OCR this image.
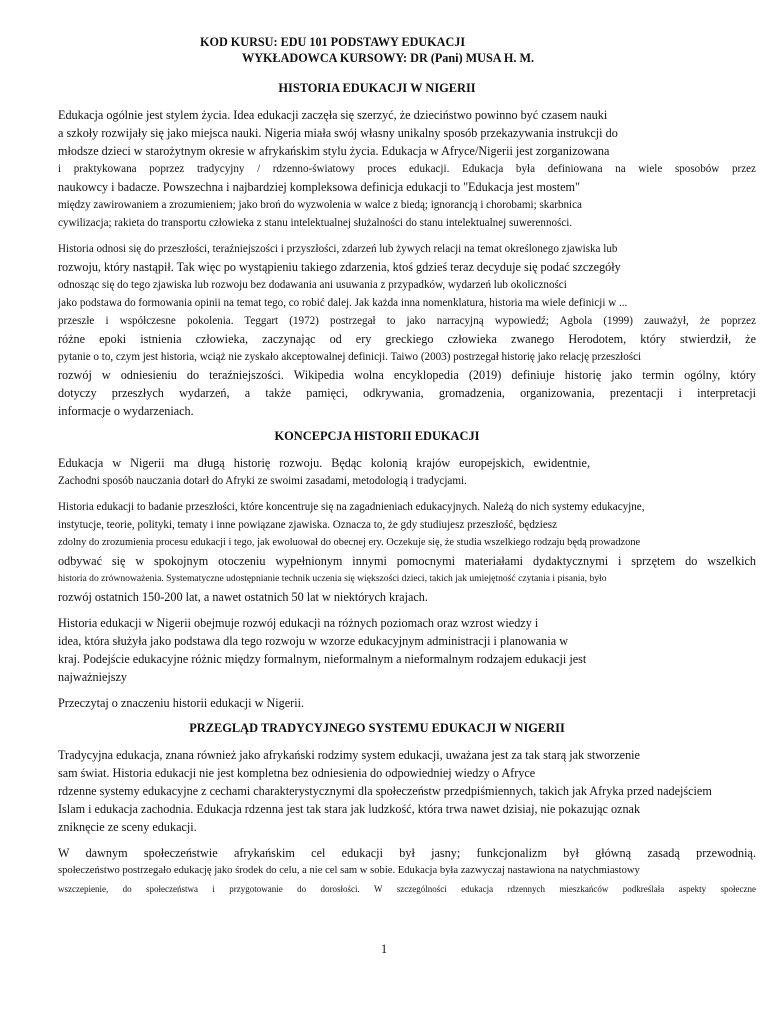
KOD KURSU: EDU 101 PODSTAWY EDUKACJI
WYKŁADOWCA KURSOWY: DR (Pani) MUSA H. M.
HISTORIA EDUKACJI W NIGERII

Edukacja ogólnie jest stylem życia. Idea edukacji zaczęła się szerzyć, że dzieciństwo powinno być czasem nauki
a szkoły rozwijały się jako miejsca nauki. Nigeria miała swój własny unikalny sposób przekazywania instrukcji do
młodsze dzieci w starożytnym okresie w afrykańskim stylu życia. Edukacja w Afryce/Nigerii jest zorganizowana
i praktykowana poprzez tradycyjny / rdzenno-światowy proces edukacji. Edukacja była definiowana na wiele sposobów przez
naukowcy i badacze. Powszechna i najbardziej kompleksowa definicja edukacji to "Edukacja jest mostem"
między zawirowaniem a zrozumieniem; jako broń do wyzwolenia w walce z biedą; ignorancją i chorobami; skarbnica
cywilizacja; rakieta do transportu człowieka z stanu intelektualnej służalności do stanu intelektualnej suwerenności.

Historia odnosi się do przeszłości, teraźniejszości i przyszłości, zdarzeń lub żywych relacji na temat określonego zjawiska lub
rozwoju, który nastąpił. Tak więc po wystąpieniu takiego zdarzenia, ktoś gdzieś teraz decyduje się podać szczegóły
odnosząc się do tego zjawiska lub rozwoju bez dodawania ani usuwania z przypadków, wydarzeń lub okoliczności
jako podstawa do formowania opinii na temat tego, co robić dalej. Jak każda inna nomenklatura, historia ma wiele definicji w ...
przeszłe i współczesne pokolenia. Teggart (1972) postrzegał to jako narracyjną wypowiedź; Agbola (1999) zauważył, że poprzez
różne epoki istnienia człowieka, zaczynając od ery greckiego człowieka zwanego Herodotem, który stwierdził, że
pytanie o to, czym jest historia, wciąż nie zyskało akceptowalnej definicji. Taiwo (2003) postrzegał historię jako relację przeszłości
rozwój w odniesieniu do teraźniejszości. Wikipedia wolna encyklopedia (2019) definiuje historię jako termin ogólny, który
dotyczy przeszłych wydarzeń, a także pamięci, odkrywania, gromadzenia, organizowania, prezentacji i interpretacji
informacje o wydarzeniach.

KONCEPCJA HISTORII EDUKACJI

Edukacja w Nigerii ma długą historię rozwoju. Będąc kolonią krajów europejskich, ewidentnie,
Zachodni sposób nauczania dotarł do Afryki ze swoimi zasadami, metodologią i tradycjami.

Historia edukacji to badanie przeszłości, które koncentruje się na zagadnieniach edukacyjnych. Należą do nich systemy edukacyjne,
instytucje, teorie, polityki, tematy i inne powiązane zjawiska. Oznacza to, że gdy studiujesz przeszłość, będziesz
zdolny do zrozumienia procesu edukacji i tego, jak ewoluował do obecnej ery. Oczekuje się, że studia wszelkiego rodzaju będą prowadzone
odbywać się w spokojnym otoczeniu wypełnionym innymi pomocnymi materiałami dydaktycznymi i sprzętem do wszelkich
historia do zrównoważenia. Systematyczne udostępnianie technik uczenia się większości dzieci, takich jak umiejętność czytania i pisania, było
rozwój ostatnich 150-200 lat, a nawet ostatnich 50 lat w niektórych krajach.

Historia edukacji w Nigerii obejmuje rozwój edukacji na różnych poziomach oraz wzrost wiedzy i
idea, która służyła jako podstawa dla tego rozwoju w wzorze edukacyjnym administracji i planowania w
kraj. Podejście edukacyjne różnic między formalnym, nieformalnym a nieformalnym rodzajem edukacji jest
najważniejszy

Przeczytaj o znaczeniu historii edukacji w Nigerii.

PRZEGLĄD TRADYCYJNEGO SYSTEMU EDUKACJI W NIGERII

Tradycyjna edukacja, znana również jako afrykański rodzimy system edukacji, uważana jest za tak starą jak stworzenie
sam świat. Historia edukacji nie jest kompletna bez odniesienia do odpowiedniej wiedzy o Afryce
rdzenne systemy edukacyjne z cechami charakterystycznymi dla społeczeństw przedpiśmiennych, takich jak Afryka przed nadejściem
Islam i edukacja zachodnia. Edukacja rdzenna jest tak stara jak ludzkość, która trwa nawet dzisiaj, nie pokazując oznak
zniknęcie ze sceny edukacji.

W dawnym społeczeństwie afrykańskim cel edukacji był jasny; funkcjonalizm był główną zasadą przewodnią.
społeczeństwo postrzegało edukację jako środek do celu, a nie cel sam w sobie. Edukacja była zazwyczaj nastawiona na natychmiastowy
wszczepienie, do społeczeństwa i przygotowanie do dorosłości. W szczególności edukacja rdzennych mieszkańców podkreślała aspekty społeczne

1
